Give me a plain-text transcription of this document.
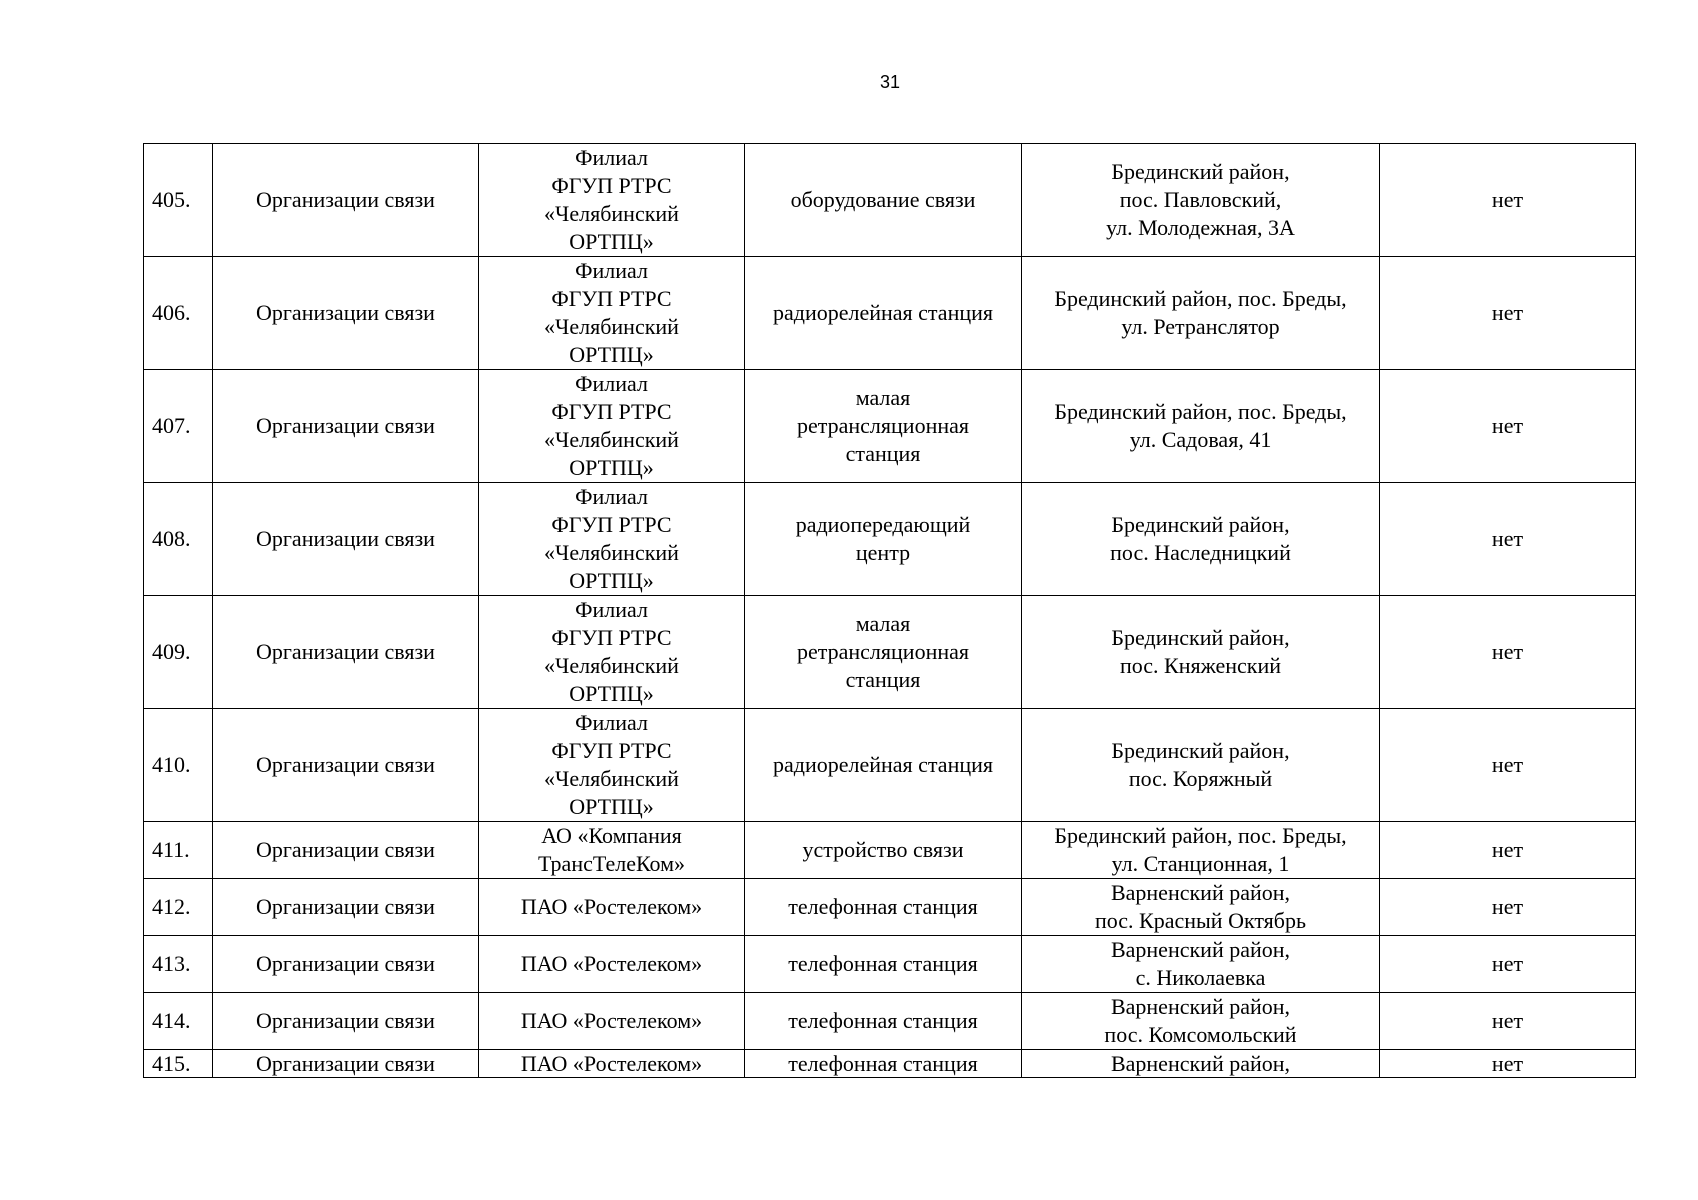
31
405.	Организации связи	Филиал
ФГУП РТРС
«Челябинский
ОРТПЦ»	оборудование связи	Брединский район,
пос. Павловский,
ул. Молодежная, 3А	нет
406.	Организации связи	Филиал
ФГУП РТРС
«Челябинский
ОРТПЦ»	радиорелейная станция	Брединский район, пос. Бреды,
ул. Ретранслятор	нет
407.	Организации связи	Филиал
ФГУП РТРС
«Челябинский
ОРТПЦ»	малая
ретрансляционная
станция	Брединский район, пос. Бреды,
ул. Садовая, 41	нет
408.	Организации связи	Филиал
ФГУП РТРС
«Челябинский
ОРТПЦ»	радиопередающий
центр	Брединский район,
пос. Наследницкий	нет
409.	Организации связи	Филиал
ФГУП РТРС
«Челябинский
ОРТПЦ»	малая
ретрансляционная
станция	Брединский район,
пос. Княженский	нет
410.	Организации связи	Филиал
ФГУП РТРС
«Челябинский
ОРТПЦ»	радиорелейная станция	Брединский район,
пос. Коряжный	нет
411.	Организации связи	АО «Компания
ТрансТелеКом»	устройство связи	Брединский район, пос. Бреды,
ул. Станционная, 1	нет
412.	Организации связи	ПАО «Ростелеком»	телефонная станция	Варненский район,
пос. Красный Октябрь	нет
413.	Организации связи	ПАО «Ростелеком»	телефонная станция	Варненский район,
с. Николаевка	нет
414.	Организации связи	ПАО «Ростелеком»	телефонная станция	Варненский район,
пос. Комсомольский	нет
415.	Организации связи	ПАО «Ростелеком»	телефонная станция	Варненский район,	нет
